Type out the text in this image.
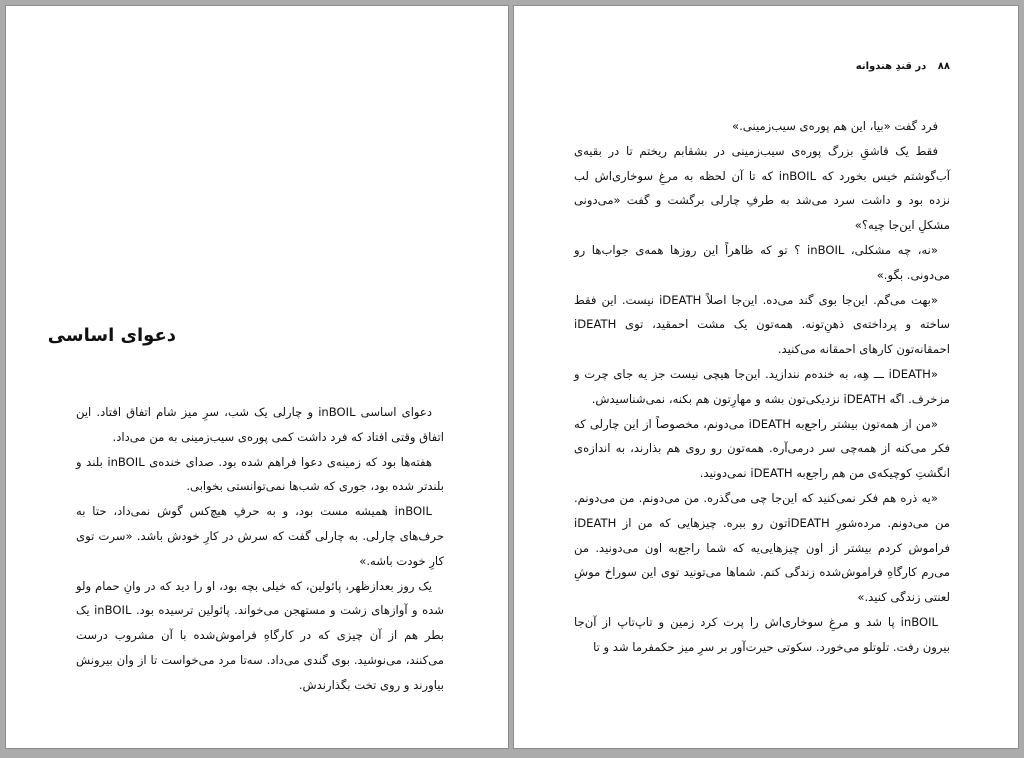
دعوای اساسی

دعوای اساسی inBOIL و چارلی یک شب، سرِ میز شام اتفاق افتاد. این اتفاق وقتی افتاد که فرد داشت کمی پوره‌ی سیب‌زمینی به من می‌داد.

هفته‌ها بود که زمینه‌ی دعوا فراهم شده بود. صدای خنده‌ی inBOIL بلند و بلندتر شده بود، جوری که شب‌ها نمی‌توانستی بخوابی.

inBOIL همیشه مست بود، و به حرفِ هیچ‌کس گوش نمی‌داد، حتا به حرف‌های چارلی. به چارلی گفت که سرش در کارِ خودش باشد. «سرت توی کارِ خودت باشه.»

یک روز بعدازظهر، پائولین، که خیلی بچه بود، او را دید که در وانِ حمام ولو شده و آوازهای زشت و مستهجن می‌خواند. پائولین ترسیده بود. inBOIL یک بطر هم از آن چیزی که در کارگاهِ فراموش‌شده با آن مشروب درست می‌کنند، می‌نوشید. بوی گندی می‌داد. سه‌تا مرد می‌خواست تا از وان بیرونش بیاورند و روی تخت بگذارندش.

۸۸ در قندِ هندوانه

فرد گفت «بیا، این هم پوره‌ی سیب‌زمینی.»

فقط یک قاشقِ بزرگ پوره‌ی سیب‌زمینی در بشقابم ریختم تا در بقیه‌ی آب‌گوشتم خیس بخورد که inBOIL که تا آن لحظه به مرغِ سوخاری‌اش لب نزده بود و داشت سرد می‌شد به طرفِ چارلی برگشت و گفت «می‌دونی مشکلِ این‌جا چیه؟»

«نه، چه مشکلی، inBOIL ؟ تو که ظاهراً این روزها همه‌ی جواب‌ها رو می‌دونی. بگو.»

«بهت می‌گم. این‌جا بوی گند می‌ده. این‌جا اصلاً iDEATH نیست. این فقط ساخته و پرداخته‌ی ذهنِ‌تونه. همه‌تون یک مشت احمقید، توی iDEATH احمقانه‌تون کارهای احمقانه می‌کنید.

«iDEATH ـــ هِه، به خندەم نندازید. این‌جا هیچی نیست جز یه جای چرت و مزخرف. اگه iDEATH نزدیکی‌تون بشه و مهارِتون هم بکنه، نمی‌شناسیدش.

«من از همه‌تون بیشتر راجع‌به iDEATH می‌دونم، مخصوصاً از این چارلی که فکر می‌کنه از همه‌چی سر درمی‌آره. همه‌تون رو روی هم بذارند، به اندازه‌ی انگشتِ کوچیکه‌ی من هم راجع‌به iDEATH نمی‌دونید.

«یه ذره هم فکر نمی‌کنید که این‌جا چی می‌گذره. من می‌دونم. من می‌دونم. من می‌دونم. مرده‌شورِ iDEATHتون رو ببره. چیزهایی که من از iDEATH فراموش کردم بیشتر از اون چیزهایی‌یه که شما راجع‌به اون می‌دونید. من می‌رم کارگاهِ فراموش‌شده زندگی کنم. شماها می‌تونید توی این سوراخ موشِ لعنتی زندگی کنید.»

inBOIL پا شد و مرغِ سوخاری‌اش را پرت کرد زمین و تاپ‌تاپ از آن‌جا بیرون رفت. تلوتلو می‌خورد. سکوتی حیرت‌آور بر سرِ میز حکمفرما شد و تا
